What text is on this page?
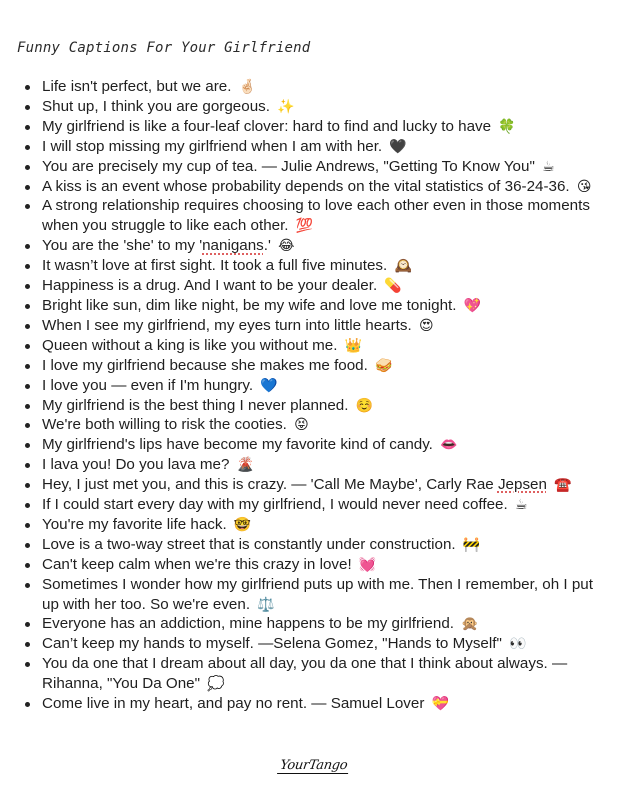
Funny Captions For Your Girlfriend
Life isn't perfect, but we are. 🤞🏻
Shut up, I think you are gorgeous. ✨
My girlfriend is like a four-leaf clover: hard to find and lucky to have 🍀
I will stop missing my girlfriend when I am with her. 🖤
You are precisely my cup of tea. — Julie Andrews, "Getting To Know You" ☕
A kiss is an event whose probability depends on the vital statistics of 36-24-36. 😘
A strong relationship requires choosing to love each other even in those moments when you struggle to like each other. 💯
You are the 'she' to my 'nanigans.' 😂
It wasn’t love at first sight. It took a full five minutes. 🕰️
Happiness is a drug. And I want to be your dealer. 💊
Bright like sun, dim like night, be my wife and love me tonight. 💖
When I see my girlfriend, my eyes turn into little hearts. 😍
Queen without a king is like you without me. 👑
I love my girlfriend because she makes me food. 🥪
I love you — even if I'm hungry. 💙
My girlfriend is the best thing I never planned. ☺️
We're both willing to risk the cooties. 😝
My girlfriend's lips have become my favorite kind of candy. 👄
I lava you! Do you lava me? 🌋
Hey, I just met you, and this is crazy. — 'Call Me Maybe', Carly Rae Jepsen ☎️
If I could start every day with my girlfriend, I would never need coffee. ☕
You're my favorite life hack. 🤓
Love is a two-way street that is constantly under construction. 🚧
Can't keep calm when we're this crazy in love! 💓
Sometimes I wonder how my girlfriend puts up with me. Then I remember, oh I put up with her too. So we're even. ⚖️
Everyone has an addiction, mine happens to be my girlfriend. 🙊
Can’t keep my hands to myself. —Selena Gomez, "Hands to Myself" 👀
You da one that I dream about all day, you da one that I think about always. — Rihanna, "You Da One" 💭
Come live in my heart, and pay no rent. — Samuel Lover 💝
YourTango
